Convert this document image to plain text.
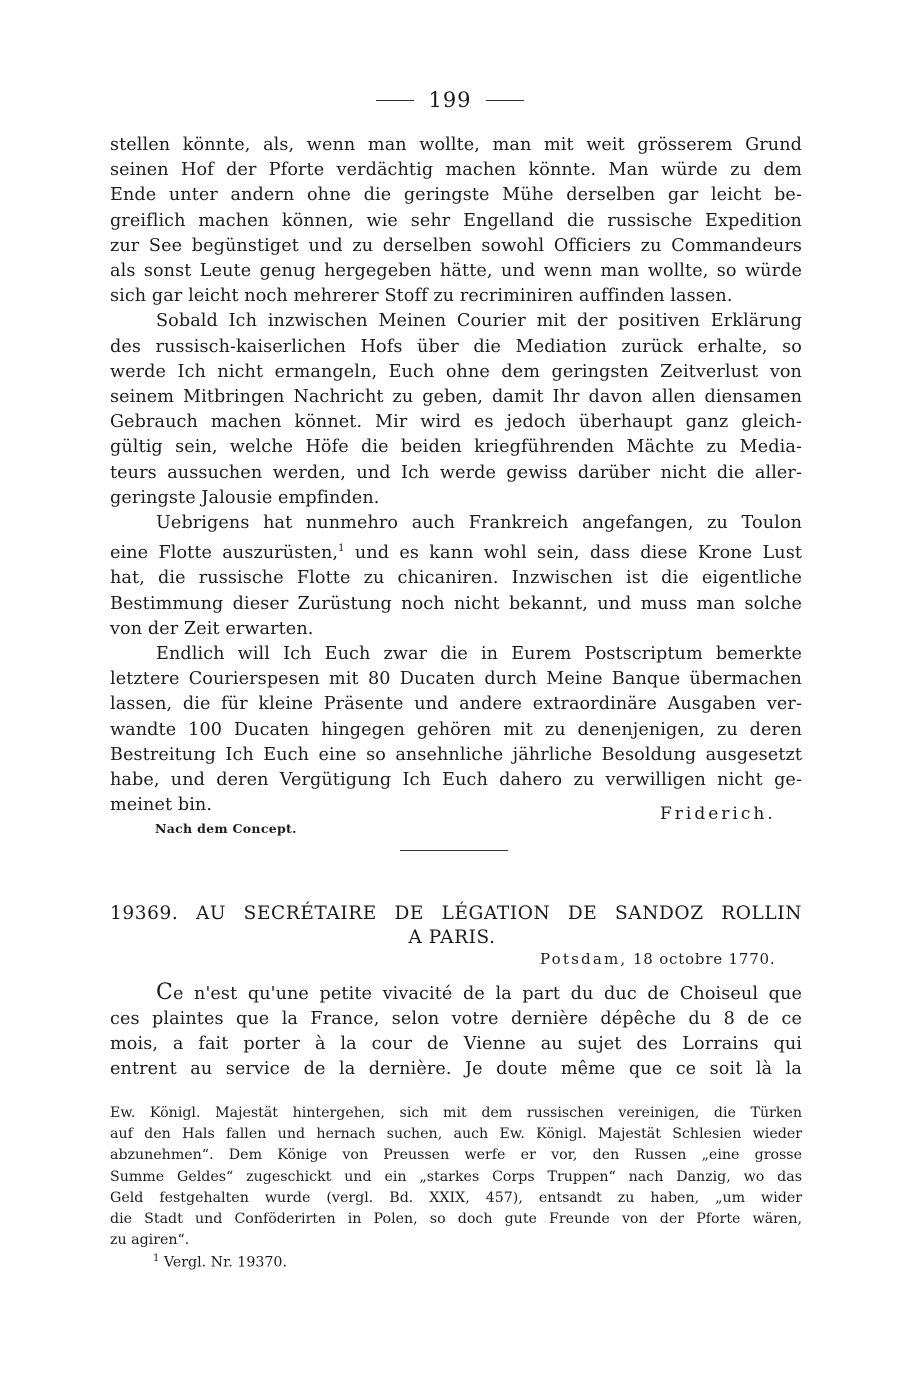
199
stellen könnte, als, wenn man wollte, man mit weit grösserem Grund
seinen Hof der Pforte verdächtig machen könnte. Man würde zu dem
Ende unter andern ohne die geringste Mühe derselben gar leicht be-
greiflich machen können, wie sehr Engelland die russische Expedition
zur See begünstiget und zu derselben sowohl Officiers zu Commandeurs
als sonst Leute genug hergegeben hätte, und wenn man wollte, so würde
sich gar leicht noch mehrerer Stoff zu recriminiren auffinden lassen.
Sobald Ich inzwischen Meinen Courier mit der positiven Erklärung
des russisch-kaiserlichen Hofs über die Mediation zurück erhalte, so
werde Ich nicht ermangeln, Euch ohne dem geringsten Zeitverlust von
seinem Mitbringen Nachricht zu geben, damit Ihr davon allen diensamen
Gebrauch machen könnet. Mir wird es jedoch überhaupt ganz gleich-
gültig sein, welche Höfe die beiden kriegführenden Mächte zu Media-
teurs aussuchen werden, und Ich werde gewiss darüber nicht die aller-
geringste Jalousie empfinden.
Uebrigens hat nunmehro auch Frankreich angefangen, zu Toulon
eine Flotte auszurüsten,$^1$ und es kann wohl sein, dass diese Krone Lust
hat, die russische Flotte zu chicaniren. Inzwischen ist die eigentliche
Bestimmung dieser Zurüstung noch nicht bekannt, und muss man solche
von der Zeit erwarten.
Endlich will Ich Euch zwar die in Eurem Postscriptum bemerkte
letztere Courierspesen mit 80 Ducaten durch Meine Banque übermachen
lassen, die für kleine Präsente und andere extraordinäre Ausgaben ver-
wandte 100 Ducaten hingegen gehören mit zu denenjenigen, zu deren
Bestreitung Ich Euch eine so ansehnliche jährliche Besoldung ausgesetzt
habe, und deren Vergütigung Ich Euch dahero zu verwilligen nicht ge-
meinet bin.	Friderich.
Nach dem Concept.
19369. AU SECRÉTAIRE DE LÉGATION DE SANDOZ ROLLIN
A PARIS.
Potsdam, 18 octobre 1770.
Ce n'est qu'une petite vivacité de la part du duc de Choiseul que
ces plaintes que la France, selon votre dernière dépêche du 8 de ce
mois, a fait porter à la cour de Vienne au sujet des Lorrains qui
entrent au service de la dernière. Je doute même que ce soit là la
Ew. Königl. Majestät hintergehen, sich mit dem russischen vereinigen, die Türken
auf den Hals fallen und hernach suchen, auch Ew. Königl. Majestät Schlesien wieder
abzunehmen“. Dem Könige von Preussen werfe er vor, den Russen „eine grosse
Summe Geldes“ zugeschickt und ein „starkes Corps Truppen“ nach Danzig, wo das
Geld festgehalten wurde (vergl. Bd. XXIX, 457), entsandt zu haben, „um wider
die Stadt und Conföderirten in Polen, so doch gute Freunde von der Pforte wären,
zu agiren“.
$^1$ Vergl. Nr. 19370.
